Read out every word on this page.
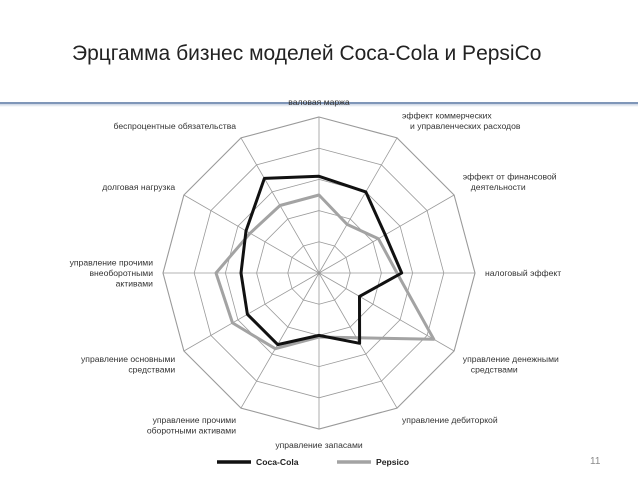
Эрцгамма бизнес моделей Coca-Cola и PepsiCo
валовая маржа
эффект коммерческих
и управленческих расходов
эффект от финансовой
деятельности
налоговый эффект
управление денежными
средствами
управление дебиторкой
управление запасами
управление прочими
оборотными активами
управление основными
средствами
управление прочими
внеоборотными
активами
долговая нагрузка
беспроцентные обязательства
Coca-Cola	Pepsico	11
